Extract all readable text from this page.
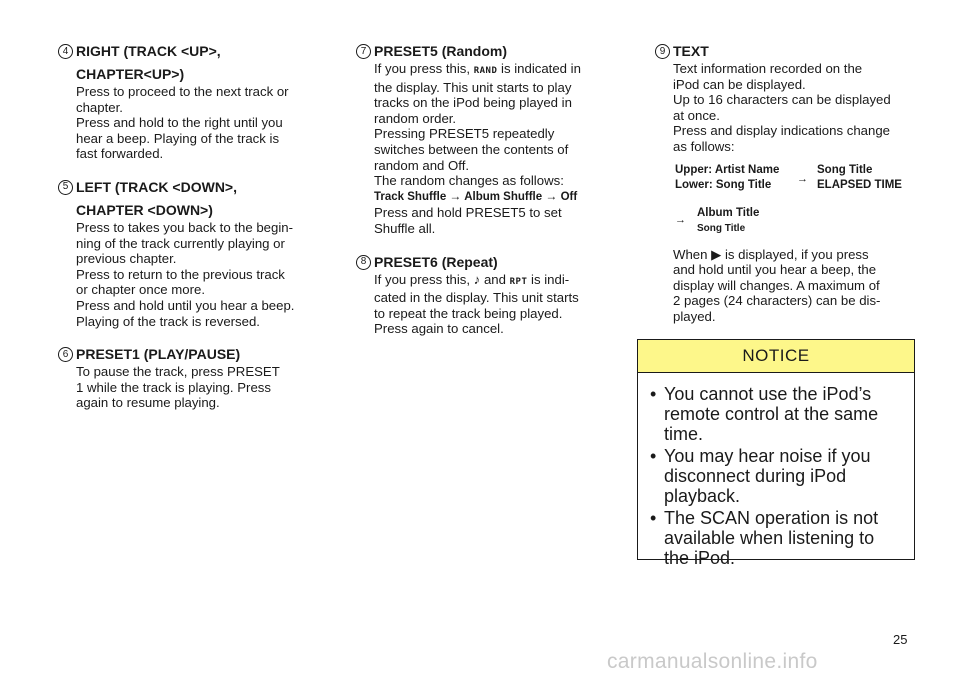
4 RIGHT (TRACK <UP>,
CHAPTER<UP>)
Press to proceed to the next track or
chapter.
Press and hold to the right until you
hear a beep. Playing of the track is
fast forwarded.
5 LEFT (TRACK <DOWN>,
CHAPTER <DOWN>)
Press to takes you back to the begin-
ning of the track currently playing or
previous chapter.
Press to return to the previous track
or chapter once more.
Press and hold until you hear a beep.
Playing of the track is reversed.
6 PRESET1 (PLAY/PAUSE)
To pause the track, press PRESET
1 while the track is playing. Press
again to resume playing.
7 PRESET5 (Random)
If you press this, RAND is indicated in
the display. This unit starts to play
tracks on the iPod being played in
random order.
Pressing PRESET5 repeatedly
switches between the contents of
random and Off.
The random changes as follows:
Track Shuffle → Album Shuffle → Off
Press and hold PRESET5 to set
Shuffle all.
8 PRESET6 (Repeat)
If you press this, ♪ and RPT is indi-
cated in the display. This unit starts
to repeat the track being played.
Press again to cancel.
9 TEXT
Text information recorded on the
iPod can be displayed.
Up to 16 characters can be displayed
at once.
Press and display indications change
as follows:
Upper: Artist Name
Lower: Song Title	→
Song Title
ELAPSED TIME
→
Album Title
Song Title
When ▶ is displayed, if you press
and hold until you hear a beep, the
display will changes. A maximum of
2 pages (24 characters) can be dis-
played.
NOTICE
• You cannot use the iPod’s
remote control at the same
time.
• You may hear noise if you
disconnect during iPod
playback.
• The SCAN operation is not
available when listening to
the iPod.
25
carmanualsonline.info
